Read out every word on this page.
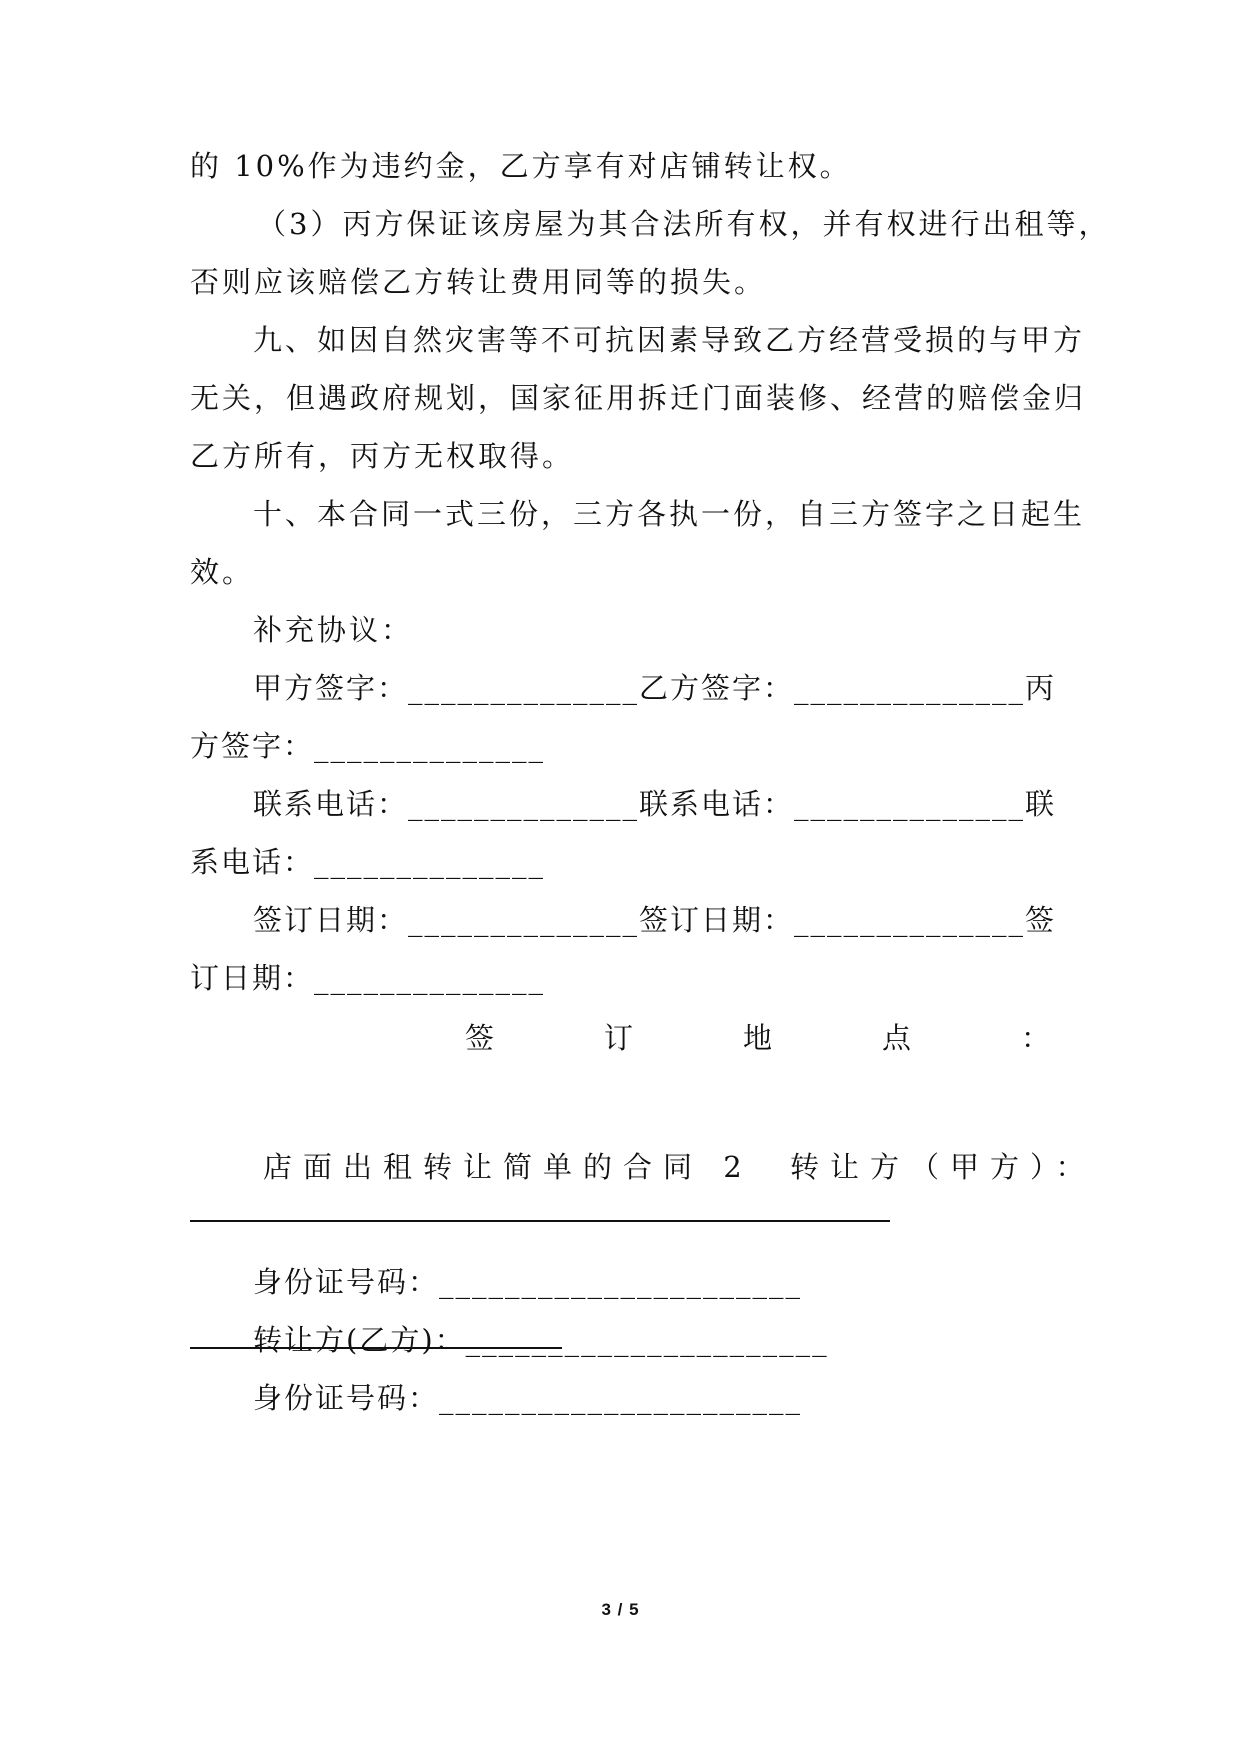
的 10%作为违约金，乙方享有对店铺转让权。
（3）丙方保证该房屋为其合法所有权，并有权进行出租等，
否则应该赔偿乙方转让费用同等的损失。
九、如因自然灾害等不可抗因素导致乙方经营受损的与甲方
无关，但遇政府规划，国家征用拆迁门面装修、经营的赔偿金归
乙方所有，丙方无权取得。
十、本合同一式三份，三方各执一份，自三方签字之日起生
效。
补充协议：
甲方签字：______________乙方签字：______________丙
方签字：______________
联系电话：______________联系电话：______________联
系电话：______________
签订日期：______________签订日期：______________签
订日期：______________
签	订	地	点	：
店面出租转让简单的合同 2 转让方（甲方）：
身份证号码：______________________
转让方(乙方)：______________________
身份证号码：______________________
3 / 5
